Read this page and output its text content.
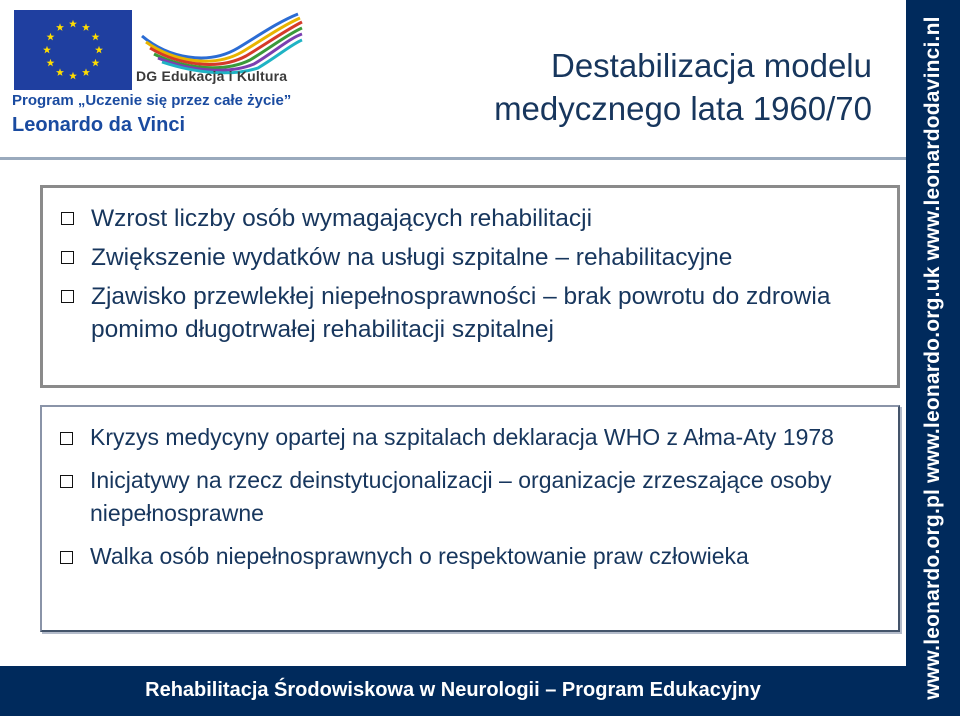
DG Edukacja i Kultura
Program „Uczenie się przez całe życie”
Leonardo da Vinci
Destabilizacja modelu
medycznego lata 1960/70
Wzrost liczby osób wymagających rehabilitacji
Zwiększenie wydatków na usługi szpitalne – rehabilitacyjne
Zjawisko przewlekłej niepełnosprawności – brak powrotu do zdrowia pomimo długotrwałej rehabilitacji szpitalnej
Kryzys medycyny opartej na szpitalach deklaracja WHO z Ałma-Aty 1978
Inicjatywy na rzecz deinstytucjonalizacji – organizacje zrzeszające osoby niepełnosprawne
Walka osób niepełnosprawnych o respektowanie praw człowieka
Rehabilitacja Środowiskowa w Neurologii – Program Edukacyjny	www.leonardo.org.pl www.leonardo.org.uk www.leonardodavinci.nl
